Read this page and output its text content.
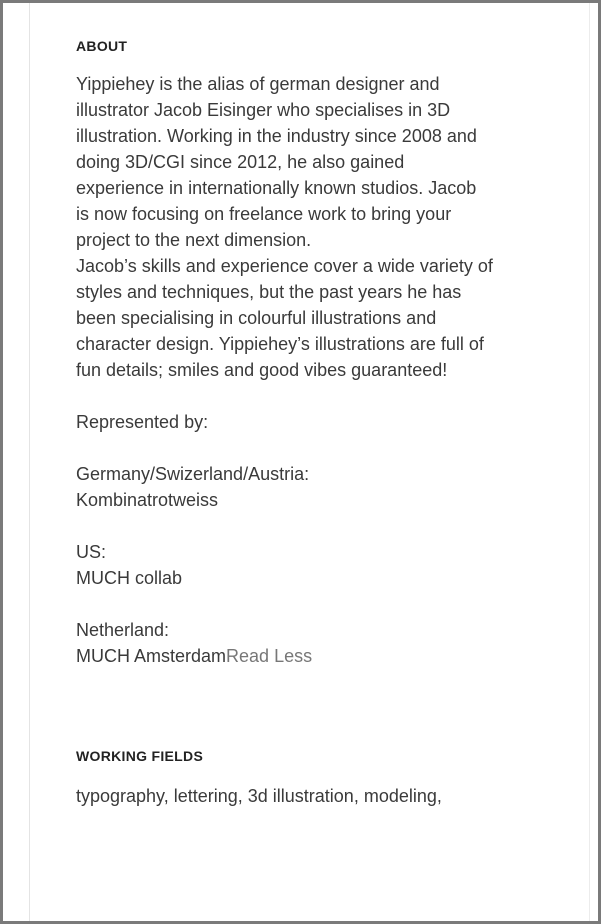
ABOUT

Yippiehey is the alias of german designer and
illustrator Jacob Eisinger who specialises in 3D
illustration. Working in the industry since 2008 and
doing 3D/CGI since 2012, he also gained
experience in internationally known studios. Jacob
is now focusing on freelance work to bring your
project to the next dimension.
Jacob’s skills and experience cover a wide variety of
styles and techniques, but the past years he has
been specialising in colourful illustrations and
character design. Yippiehey’s illustrations are full of
fun details; smiles and good vibes guaranteed!

Represented by:

Germany/Swizerland/Austria:
Kombinatrotweiss

US:
MUCH collab

Netherland:
MUCH AmsterdamRead Less

WORKING FIELDS

typography, lettering, 3d illustration, modeling,
